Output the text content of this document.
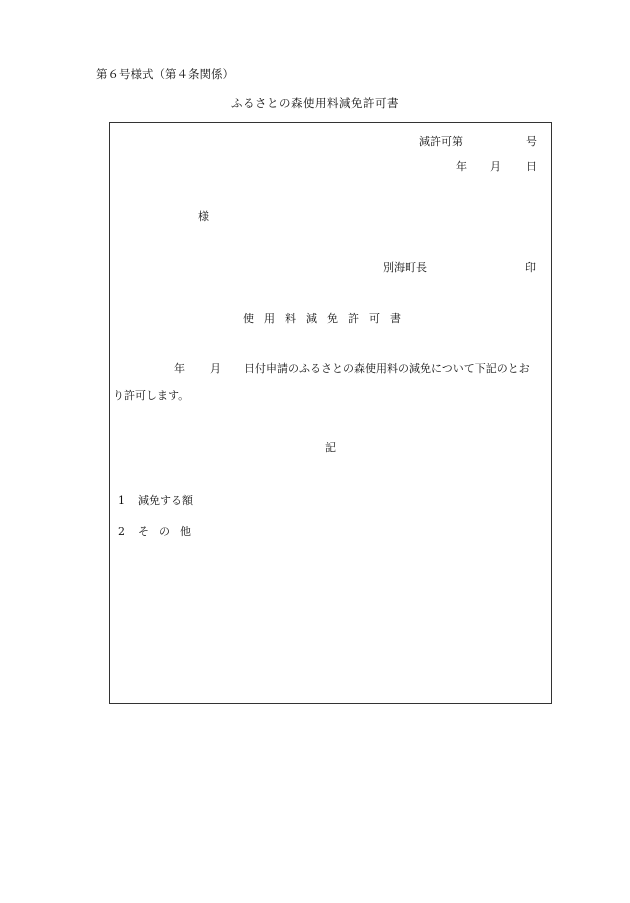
第６号様式（第４条関係）
ふるさとの森使用料減免許可書
減許可第	号
年 月 日
様
別海町長	印
使用料減免許可書
年 月 日付申請のふるさとの森使用料の減免について下記のとお
り許可します。
記
1 減免する額
2 その他
